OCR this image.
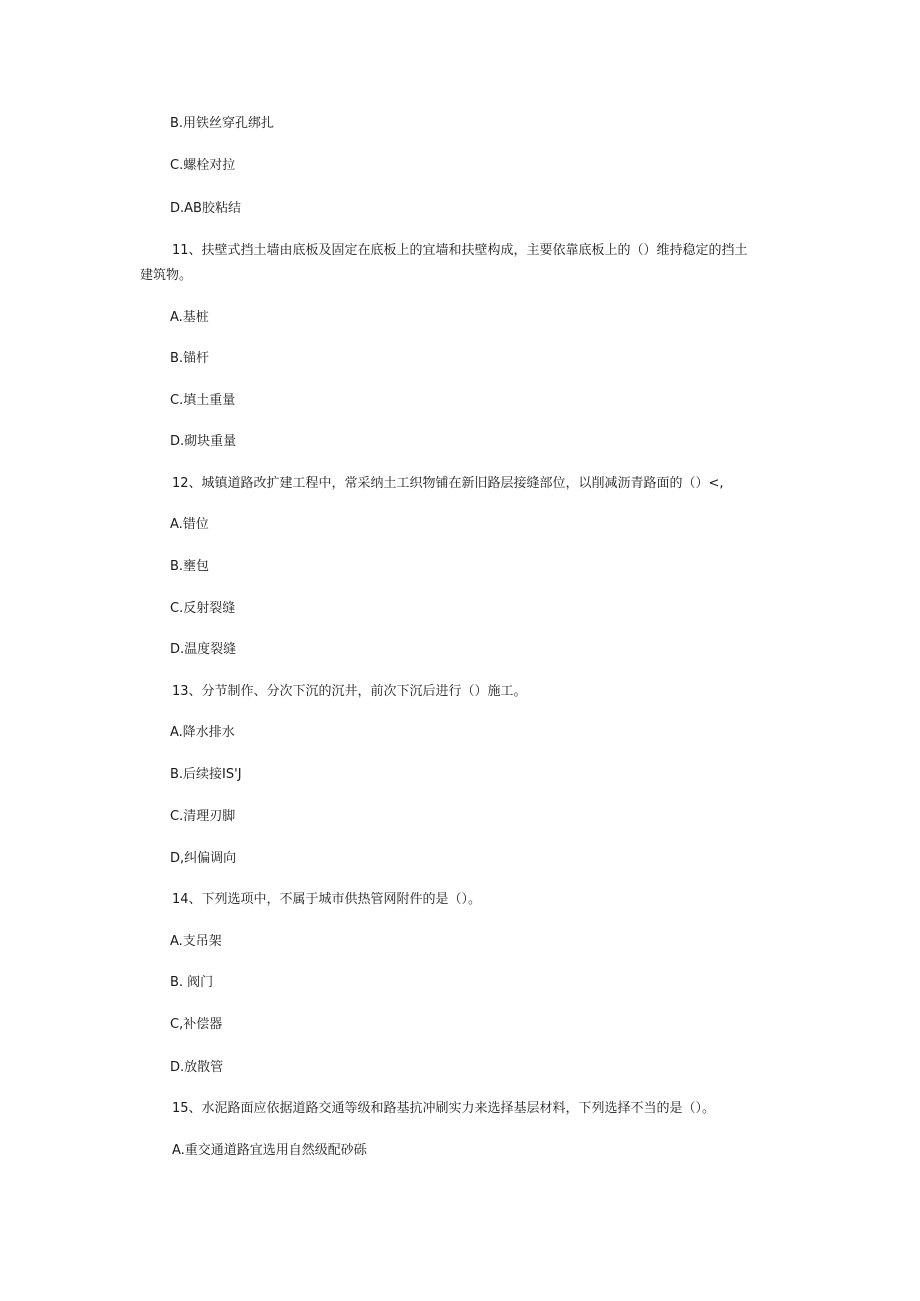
B.用铁丝穿孔绑扎

C.螺栓对拉

D.AB胶粘结

11、扶壁式挡土墙由底板及固定在底板上的宜墙和扶壁构成，主要依靠底板上的（）维持稳定的挡土

建筑物。

A.基桩

B.锚杆

C.填土重量

D.砌块重量

12、城镇道路改扩建工程中，常采纳土工织物铺在新旧路层接缝部位，以削减沥青路面的（）<,

A.错位

B.壅包

C.反射裂缝

D.温度裂缝

13、分节制作、分次下沉的沉井，前次下沉后进行（）施工。

A.降水排水

B.后续接IS'J

C.清理刃脚

D,纠偏调向

14、下列选项中，不属于城市供热管网附件的是（）。

A.支吊架

B. 阀门

C,补偿器

D.放散管

15、水泥路面应依据道路交通等级和路基抗冲刷实力来选择基层材料，下列选择不当的是（）。

A.重交通道路宜选用自然级配砂砾
